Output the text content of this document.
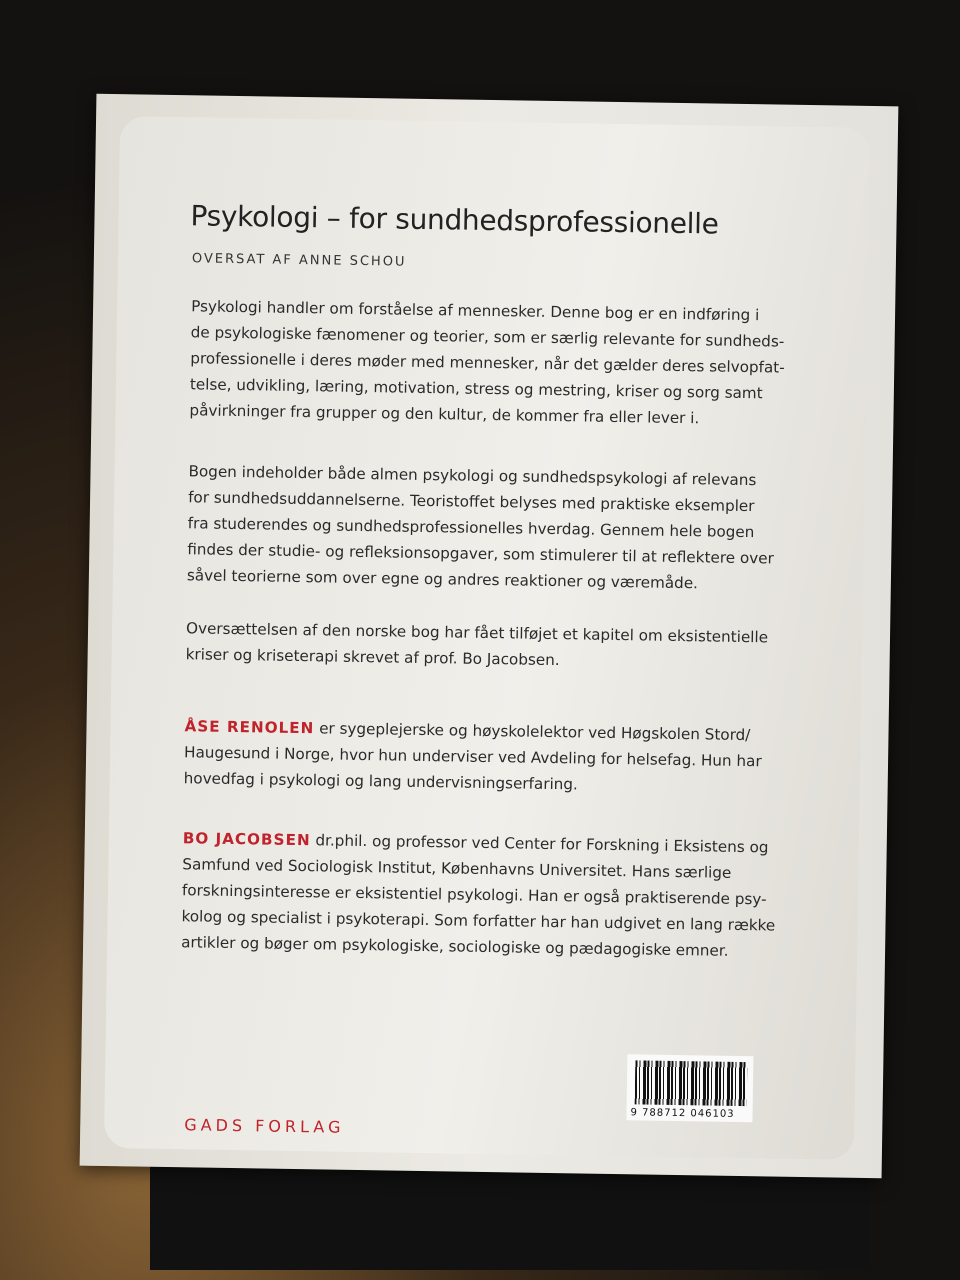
Psykologi – for sundhedsprofessionelle
OVERSAT AF ANNE SCHOU
Psykologi handler om forståelse af mennesker. Denne bog er en indføring i
de psykologiske fænomener og teorier, som er særlig relevante for sundheds-
professionelle i deres møder med mennesker, når det gælder deres selvopfat-
telse, udvikling, læring, motivation, stress og mestring, kriser og sorg samt
påvirkninger fra grupper og den kultur, de kommer fra eller lever i.
Bogen indeholder både almen psykologi og sundhedspsykologi af relevans
for sundhedsuddannelserne. Teoristoffet belyses med praktiske eksempler
fra studerendes og sundhedsprofessionelles hverdag. Gennem hele bogen
findes der studie- og refleksionsopgaver, som stimulerer til at reflektere over
såvel teorierne som over egne og andres reaktioner og væremåde.
Oversættelsen af den norske bog har fået tilføjet et kapitel om eksistentielle
kriser og kriseterapi skrevet af prof. Bo Jacobsen.
ÅSE RENOLEN er sygeplejerske og høyskolelektor ved Høgskolen Stord/
Haugesund i Norge, hvor hun underviser ved Avdeling for helsefag. Hun har
hovedfag i psykologi og lang undervisningserfaring.
BO JACOBSEN dr.phil. og professor ved Center for Forskning i Eksistens og
Samfund ved Sociologisk Institut, Københavns Universitet. Hans særlige
forskningsinteresse er eksistentiel psykologi. Han er også praktiserende psy-
kolog og specialist i psykoterapi. Som forfatter har han udgivet en lang række
artikler og bøger om psykologiske, sociologiske og pædagogiske emner.
9 788712 046103
GADS FORLAG
